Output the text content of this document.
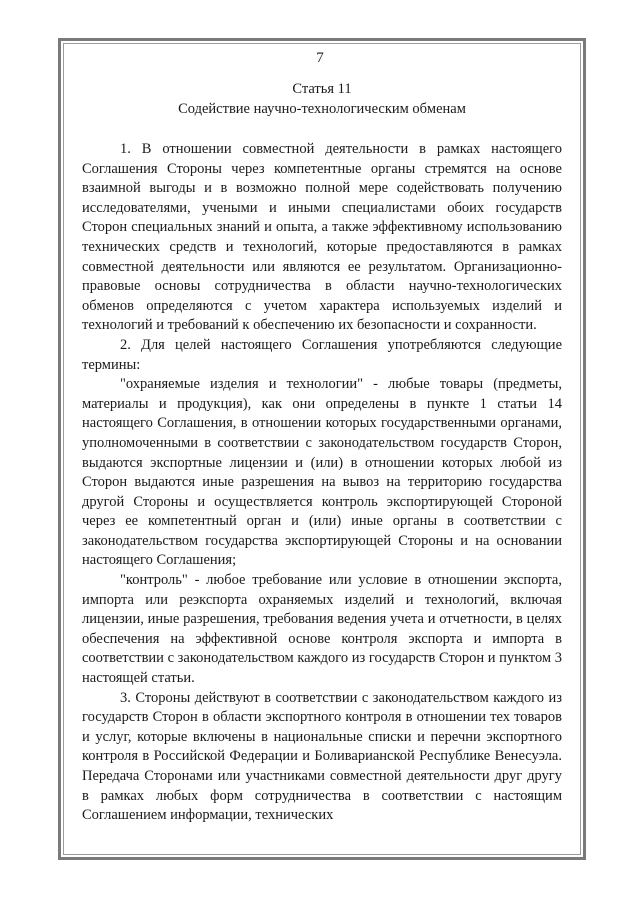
7
Статья 11
Содействие научно-технологическим обменам

1. В отношении совместной деятельности в рамках настоящего Соглашения Стороны через компетентные органы стремятся на основе взаимной выгоды и в возможно полной мере содействовать получению исследователями, учеными и иными специалистами обоих государств Сторон специальных знаний и опыта, а также эффективному использованию технических средств и технологий, которые предоставляются в рамках совместной деятельности или являются ее результатом. Организационно-правовые основы сотрудничества в области научно-технологических обменов определяются с учетом характера используемых изделий и технологий и требований к обеспечению их безопасности и сохранности.

2. Для целей настоящего Соглашения употребляются следующие термины:

"охраняемые изделия и технологии" - любые товары (предметы, материалы и продукция), как они определены в пункте 1 статьи 14 настоящего Соглашения, в отношении которых государственными органами, уполномоченными в соответствии с законодательством государств Сторон, выдаются экспортные лицензии и (или) в отношении которых любой из Сторон выдаются иные разрешения на вывоз на территорию государства другой Стороны и осуществляется контроль экспортирующей Стороной через ее компетентный орган и (или) иные органы в соответствии с законодательством государства экспортирующей Стороны и на основании настоящего Соглашения;

"контроль" - любое требование или условие в отношении экспорта, импорта или реэкспорта охраняемых изделий и технологий, включая лицензии, иные разрешения, требования ведения учета и отчетности, в целях обеспечения на эффективной основе контроля экспорта и импорта в соответствии с законодательством каждого из государств Сторон и пунктом 3 настоящей статьи.

3. Стороны действуют в соответствии с законодательством каждого из государств Сторон в области экспортного контроля в отношении тех товаров и услуг, которые включены в национальные списки и перечни экспортного контроля в Российской Федерации и Боливарианской Республике Венесуэла. Передача Сторонами или участниками совместной деятельности друг другу в рамках любых форм сотрудничества в соответствии с настоящим Соглашением информации, технических
